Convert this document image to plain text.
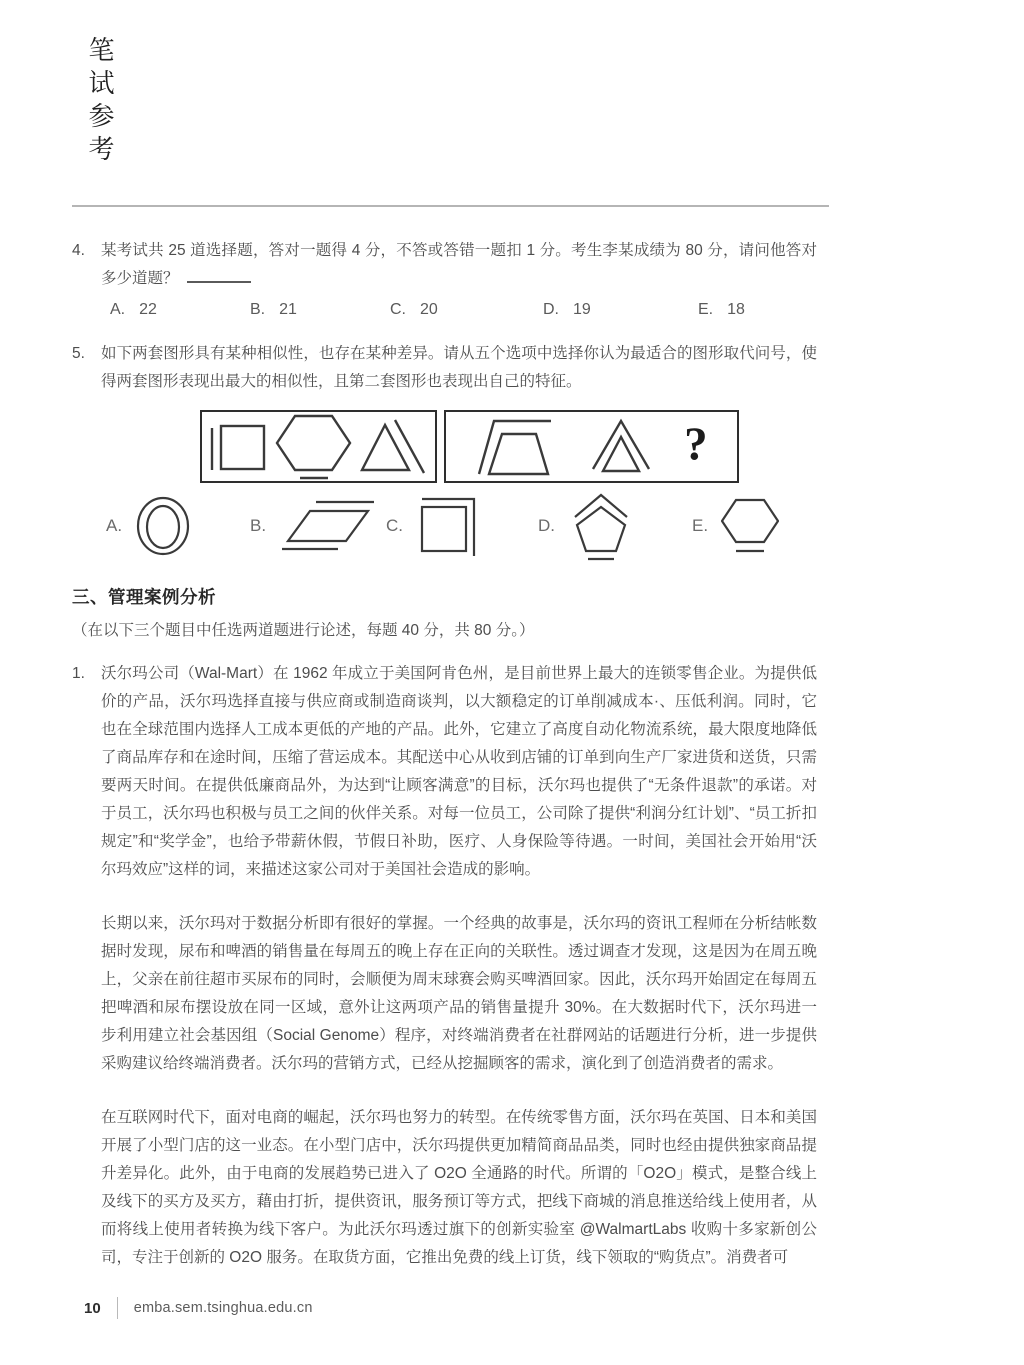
笔试参考
4.	某考试共 25 道选择题，答对一题得 4 分，不答或答错一题扣 1 分。考生李某成绩为 80 分，请问他答对多少道题？

A. 22	B. 21	C. 20	D. 19	E. 18
5.	如下两套图形具有某种相似性，也存在某种差异。请从五个选项中选择你认为最适合的图形取代问号，使得两套图形表现出最大的相似性，且第二套图形也表现出自己的特征。

?
A.	B.	C.	D.	E.
三、管理案例分析

（在以下三个题目中任选两道题进行论述，每题 40 分，共 80 分。）

1.	沃尔玛公司（Wal-Mart）在 1962 年成立于美国阿肯色州，是目前世界上最大的连锁零售企业。为提供低价的产品，沃尔玛选择直接与供应商或制造商谈判，以大额稳定的订单削减成本·、压低利润。同时，它也在全球范围内选择人工成本更低的产地的产品。此外，它建立了高度自动化物流系统，最大限度地降低了商品库存和在途时间，压缩了营运成本。其配送中心从收到店铺的订单到向生产厂家进货和送货，只需要两天时间。在提供低廉商品外，为达到“让顾客满意”的目标，沃尔玛也提供了“无条件退款”的承诺。对于员工，沃尔玛也积极与员工之间的伙伴关系。对每一位员工，公司除了提供“利润分红计划”、“员工折扣规定”和“奖学金”，也给予带薪休假，节假日补助，医疗、人身保险等待遇。一时间，美国社会开始用“沃尔玛效应”这样的词，来描述这家公司对于美国社会造成的影响。

长期以来，沃尔玛对于数据分析即有很好的掌握。一个经典的故事是，沃尔玛的资讯工程师在分析结帐数据时发现，尿布和啤酒的销售量在每周五的晚上存在正向的关联性。透过调查才发现，这是因为在周五晚上，父亲在前往超市买尿布的同时，会顺便为周末球赛会购买啤酒回家。因此，沃尔玛开始固定在每周五把啤酒和尿布摆设放在同一区域，意外让这两项产品的销售量提升 30%。在大数据时代下，沃尔玛进一步利用建立社会基因组（Social Genome）程序，对终端消费者在社群网站的话题进行分析，进一步提供采购建议给终端消费者。沃尔玛的营销方式，已经从挖掘顾客的需求，演化到了创造消费者的需求。

在互联网时代下，面对电商的崛起，沃尔玛也努力的转型。在传统零售方面，沃尔玛在英国、日本和美国开展了小型门店的这一业态。在小型门店中，沃尔玛提供更加精简商品品类，同时也经由提供独家商品提升差异化。此外，由于电商的发展趋势已进入了 O2O 全通路的时代。所谓的「O2O」模式，是整合线上及线下的买方及买方，藉由打折，提供资讯，服务预订等方式，把线下商城的消息推送给线上使用者，从而将线上使用者转换为线下客户。为此沃尔玛透过旗下的创新实验室 @WalmartLabs 收购十多家新创公司，专注于创新的 O2O 服务。在取货方面，它推出免费的线上订货，线下领取的“购货点”。消费者可

10 emba.sem.tsinghua.edu.cn
